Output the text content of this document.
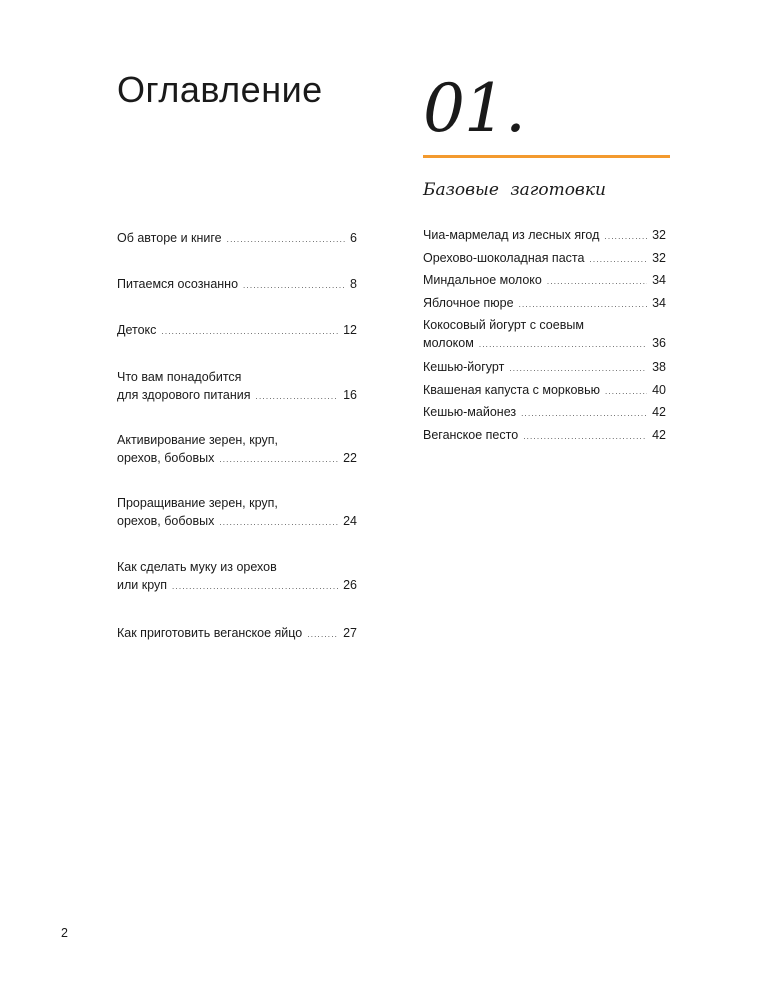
Оглавление 01.
Базовые заготовки
Об авторе и книге .....	6
Питаемся осознанно .....	8
Детокс .....	12
Что вам понадобится
для здорового питания .....	16
Активирование зерен, круп,
орехов, бобовых .....	22
Проращивание зерен, круп,
орехов, бобовых .....	24
Как сделать муку из орехов
или круп .....	26
Как приготовить веганское яйцо .....	27
Чиа-мармелад из лесных ягод .....	32
Орехово-шоколадная паста .....	32
Миндальное молоко .....	34
Яблочное пюре .....	34
Кокосовый йогурт с соевым
молоком .....	36
Кешью-йогурт .....	38
Квашеная капуста с морковью .....	40
Кешью-майонез .....	42
Веганское песто .....	42
2
